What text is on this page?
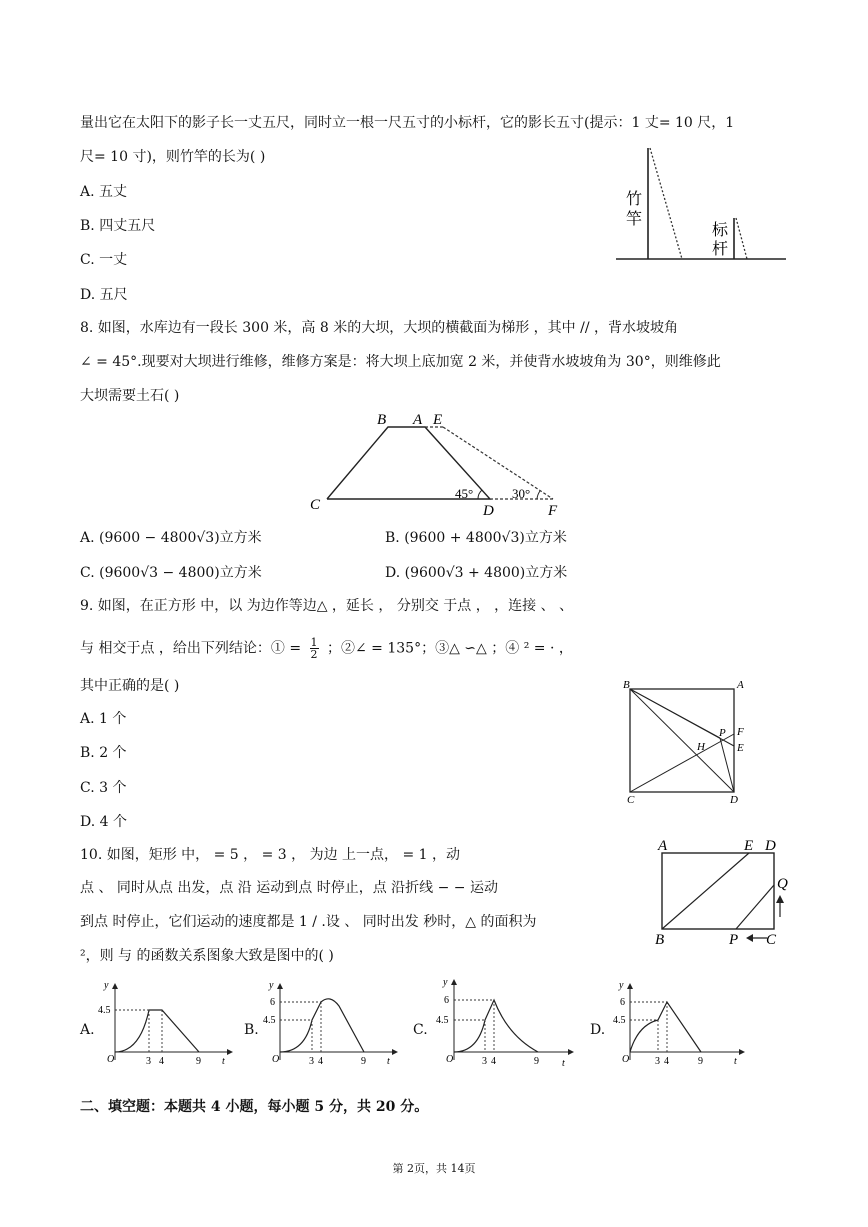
量出它在太阳下的影子长一丈五尺，同时立一根一尺五寸的小标杆，它的影长五寸(提示：1 丈= 10 尺，1
尺= 10 寸)，则竹竿的长为( )
A. 五丈
B. 四丈五尺
C. 一丈
D. 五尺
竹
竿
标
杆
8. 如图，水库边有一段长 300 米，高 8 米的大坝，大坝的横截面为梯形 ，其中 // ，背水坡坡角
∠ = 45°.现要对大坝进行维修，维修方案是：将大坝上底加宽 2 米，并使背水坡坡角为 30°，则维修此
大坝需要土石( )
B A E
C	D	F
45°	30°
A. (9600 − 4800√3)立方米	B. (9600 + 4800√3)立方米
C. (9600√3 − 4800)立方米	D. (9600√3 + 4800)立方米
9. 如图，在正方形 中，以 为边作等边△ ，延长 ， 分别交 于点 ， ，连接 、 、
与 相交于点 ，给出下列结论：① = $\frac{1}{2}$ ；②∠ = 135°；③△ ∽△ ；④ ² = · ，
其中正确的是( )
A. 1 个
B. 2 个
C. 3 个
D. 4 个
B	A
P F
H	E
C	D
10. 如图，矩形 中， = 5 ， = 3 ， 为边 上一点， = 1 ，动
点 、 同时从点 出发，点 沿 运动到点 时停止，点 沿折线 − − 运动
到点 时停止，它们运动的速度都是 1 / .设 、 同时出发 秒时，△ 的面积为
²，则 与 的函数关系图象大致是图中的( )
A	E D
Q
B	P C
A.
y
4.5
O	3 4	9 t
B.
y
6
4.5
O	3 4	9 t
C.
y
6
4.5
O	3 4	9 t
D.
y
6
4.5
O	3 4	9	t
二、填空题：本题共 4 小题，每小题 5 分，共 20 分。
第 2页，共 14页
